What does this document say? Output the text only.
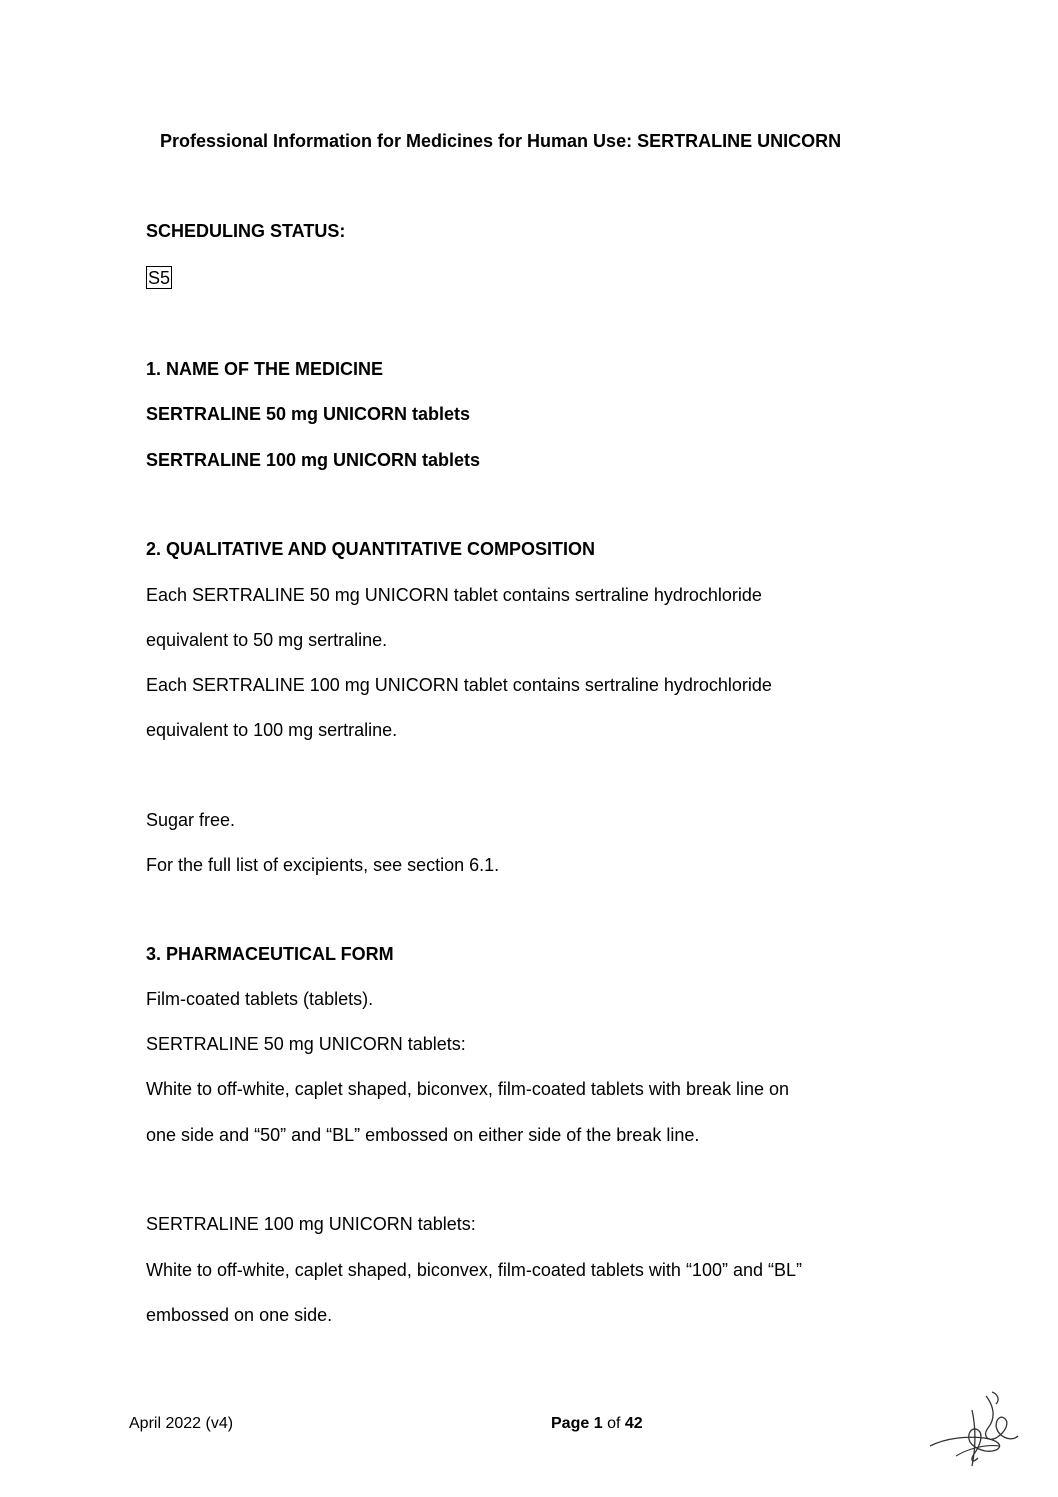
Professional Information for Medicines for Human Use: SERTRALINE UNICORN
SCHEDULING STATUS:
S5
1. NAME OF THE MEDICINE
SERTRALINE 50 mg UNICORN tablets
SERTRALINE 100 mg UNICORN tablets
2. QUALITATIVE AND QUANTITATIVE COMPOSITION
Each SERTRALINE 50 mg UNICORN tablet contains sertraline hydrochloride
equivalent to 50 mg sertraline.
Each SERTRALINE 100 mg UNICORN tablet contains sertraline hydrochloride
equivalent to 100 mg sertraline.
Sugar free.
For the full list of excipients, see section 6.1.
3. PHARMACEUTICAL FORM
Film-coated tablets (tablets).
SERTRALINE 50 mg UNICORN tablets:
White to off-white, caplet shaped, biconvex, film-coated tablets with break line on
one side and “50” and “BL” embossed on either side of the break line.
SERTRALINE 100 mg UNICORN tablets:
White to off-white, caplet shaped, biconvex, film-coated tablets with “100” and “BL”
embossed on one side.
April 2022 (v4)	Page 1 of 42
